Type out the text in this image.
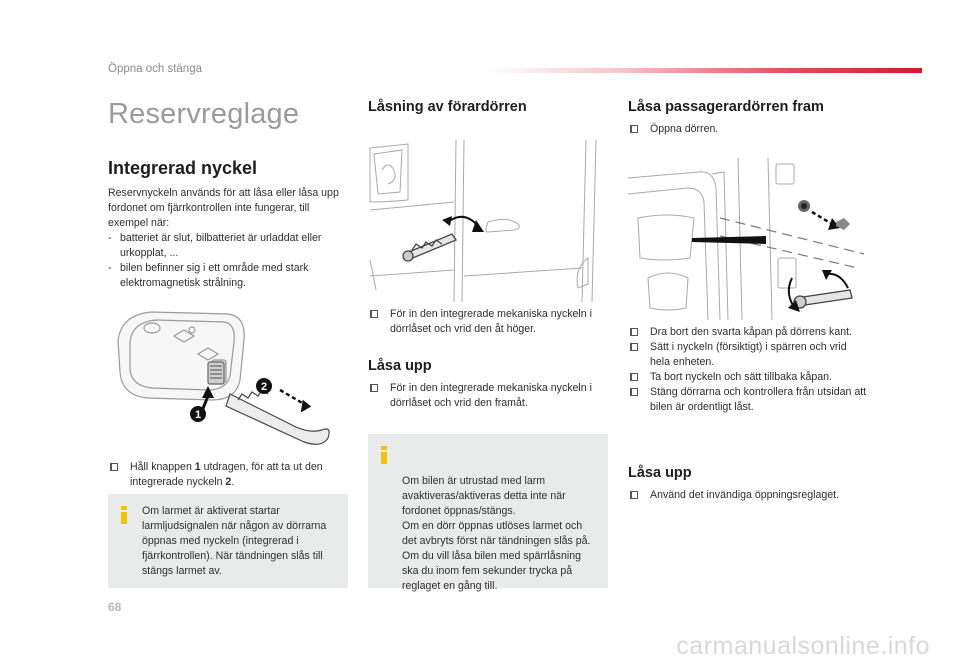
Öppna och stänga
Reservreglage
Integrerad nyckel

Reservnyckeln används för att låsa eller låsa upp fordonet om fjärrkontrollen inte fungerar, till exempel när:

- batteriet är slut, bilbatteriet är urladdat eller urkopplat, ...
- bilen befinner sig i ett område med stark elektromagnetisk strålning.
1
2
Håll knappen 1 utdragen, för att ta ut den integrerade nyckeln 2.
Om larmet är aktiverat startar larmljudsignalen när någon av dörrarna öppnas med nyckeln (integrerad i fjärrkontrollen). När tändningen slås till stängs larmet av.
Låsning av förardörren
För in den integrerade mekaniska nyckeln i dörrlåset och vrid den åt höger.
Låsa upp
För in den integrerade mekaniska nyckeln i dörrlåset och vrid den framåt.

Om bilen är utrustad med larm avaktiveras/aktiveras detta inte när fordonet öppnas/stängs.
Om en dörr öppnas utlöses larmet och det avbryts först när tändningen slås på.
Om du vill låsa bilen med spärrlåsning ska du inom fem sekunder trycka på reglaget en gång till.

Låsa passagerardörren fram
Öppna dörren.
Dra bort den svarta kåpan på dörrens kant.
Sätt i nyckeln (försiktigt) i spärren och vrid hela enheten.
Ta bort nyckeln och sätt tillbaka kåpan.
Stäng dörrarna och kontrollera från utsidan att bilen är ordentligt låst.
Låsa upp
Använd det invändiga öppningsreglaget.
68
carmanualsonline.info
